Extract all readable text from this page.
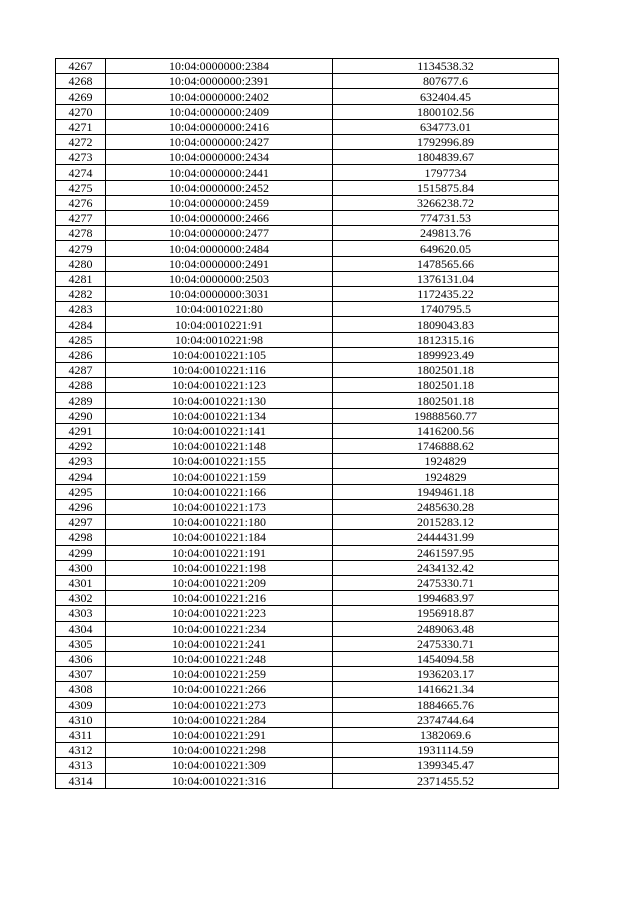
4267	10:04:0000000:2384	1134538.32
4268	10:04:0000000:2391	807677.6
4269	10:04:0000000:2402	632404.45
4270	10:04:0000000:2409	1800102.56
4271	10:04:0000000:2416	634773.01
4272	10:04:0000000:2427	1792996.89
4273	10:04:0000000:2434	1804839.67
4274	10:04:0000000:2441	1797734
4275	10:04:0000000:2452	1515875.84
4276	10:04:0000000:2459	3266238.72
4277	10:04:0000000:2466	774731.53
4278	10:04:0000000:2477	249813.76
4279	10:04:0000000:2484	649620.05
4280	10:04:0000000:2491	1478565.66
4281	10:04:0000000:2503	1376131.04
4282	10:04:0000000:3031	1172435.22
4283	10:04:0010221:80	1740795.5
4284	10:04:0010221:91	1809043.83
4285	10:04:0010221:98	1812315.16
4286	10:04:0010221:105	1899923.49
4287	10:04:0010221:116	1802501.18
4288	10:04:0010221:123	1802501.18
4289	10:04:0010221:130	1802501.18
4290	10:04:0010221:134	19888560.77
4291	10:04:0010221:141	1416200.56
4292	10:04:0010221:148	1746888.62
4293	10:04:0010221:155	1924829
4294	10:04:0010221:159	1924829
4295	10:04:0010221:166	1949461.18
4296	10:04:0010221:173	2485630.28
4297	10:04:0010221:180	2015283.12
4298	10:04:0010221:184	2444431.99
4299	10:04:0010221:191	2461597.95
4300	10:04:0010221:198	2434132.42
4301	10:04:0010221:209	2475330.71
4302	10:04:0010221:216	1994683.97
4303	10:04:0010221:223	1956918.87
4304	10:04:0010221:234	2489063.48
4305	10:04:0010221:241	2475330.71
4306	10:04:0010221:248	1454094.58
4307	10:04:0010221:259	1936203.17
4308	10:04:0010221:266	1416621.34
4309	10:04:0010221:273	1884665.76
4310	10:04:0010221:284	2374744.64
4311	10:04:0010221:291	1382069.6
4312	10:04:0010221:298	1931114.59
4313	10:04:0010221:309	1399345.47
4314	10:04:0010221:316	2371455.52
